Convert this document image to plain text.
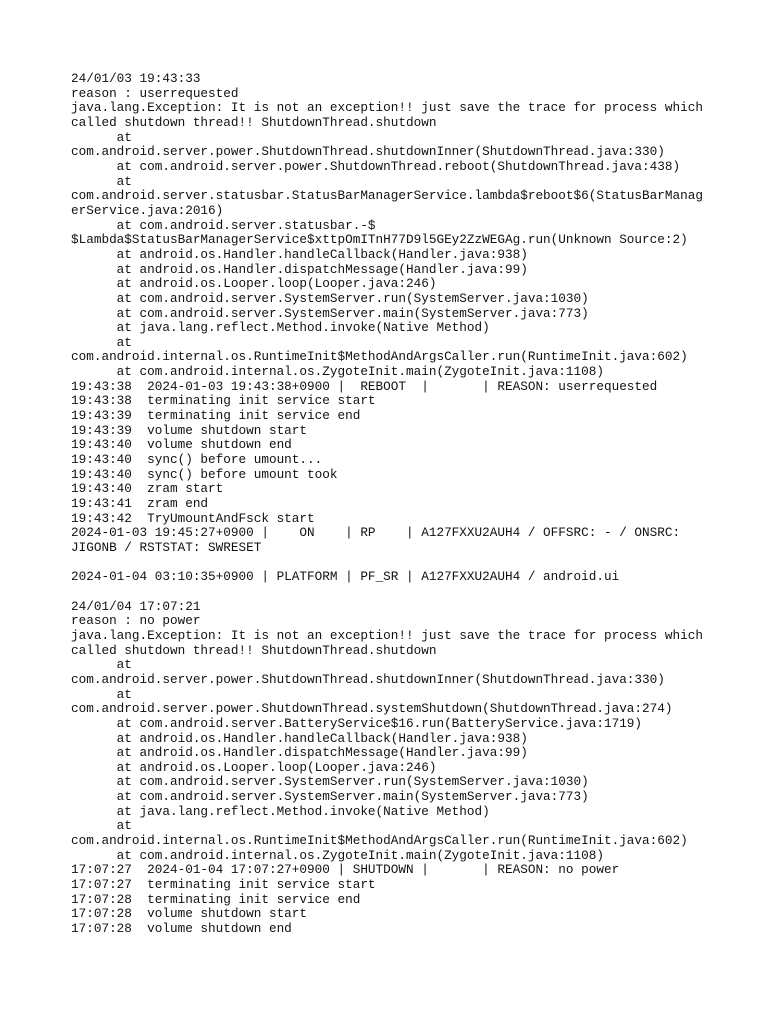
24/01/03 19:43:33
reason : userrequested
java.lang.Exception: It is not an exception!! just save the trace for process which
called shutdown thread!! ShutdownThread.shutdown
at
com.android.server.power.ShutdownThread.shutdownInner(ShutdownThread.java:330)
at com.android.server.power.ShutdownThread.reboot(ShutdownThread.java:438)
at
com.android.server.statusbar.StatusBarManagerService.lambda$reboot$6(StatusBarManag
erService.java:2016)
at com.android.server.statusbar.-$
$Lambda$StatusBarManagerService$xttpOmITnH77D9l5GEy2ZzWEGAg.run(Unknown Source:2)
at android.os.Handler.handleCallback(Handler.java:938)
at android.os.Handler.dispatchMessage(Handler.java:99)
at android.os.Looper.loop(Looper.java:246)
at com.android.server.SystemServer.run(SystemServer.java:1030)
at com.android.server.SystemServer.main(SystemServer.java:773)
at java.lang.reflect.Method.invoke(Native Method)
at
com.android.internal.os.RuntimeInit$MethodAndArgsCaller.run(RuntimeInit.java:602)
at com.android.internal.os.ZygoteInit.main(ZygoteInit.java:1108)
19:43:38  2024-01-03 19:43:38+0900 |  REBOOT  |       | REASON: userrequested
19:43:38  terminating init service start
19:43:39  terminating init service end
19:43:39  volume shutdown start
19:43:40  volume shutdown end
19:43:40  sync() before umount...
19:43:40  sync() before umount took
19:43:40  zram start
19:43:41  zram end
19:43:42  TryUmountAndFsck start
2024-01-03 19:45:27+0900 |    ON    | RP    | A127FXXU2AUH4 / OFFSRC: - / ONSRC:
JIGONB / RSTSTAT: SWRESET
2024-01-04 03:10:35+0900 | PLATFORM | PF_SR | A127FXXU2AUH4 / android.ui
24/01/04 17:07:21
reason : no power
java.lang.Exception: It is not an exception!! just save the trace for process which
called shutdown thread!! ShutdownThread.shutdown
at
com.android.server.power.ShutdownThread.shutdownInner(ShutdownThread.java:330)
at
com.android.server.power.ShutdownThread.systemShutdown(ShutdownThread.java:274)
at com.android.server.BatteryService$16.run(BatteryService.java:1719)
at android.os.Handler.handleCallback(Handler.java:938)
at android.os.Handler.dispatchMessage(Handler.java:99)
at android.os.Looper.loop(Looper.java:246)
at com.android.server.SystemServer.run(SystemServer.java:1030)
at com.android.server.SystemServer.main(SystemServer.java:773)
at java.lang.reflect.Method.invoke(Native Method)
at
com.android.internal.os.RuntimeInit$MethodAndArgsCaller.run(RuntimeInit.java:602)
at com.android.internal.os.ZygoteInit.main(ZygoteInit.java:1108)
17:07:27  2024-01-04 17:07:27+0900 | SHUTDOWN |       | REASON: no power
17:07:27  terminating init service start
17:07:28  terminating init service end
17:07:28  volume shutdown start
17:07:28  volume shutdown end
